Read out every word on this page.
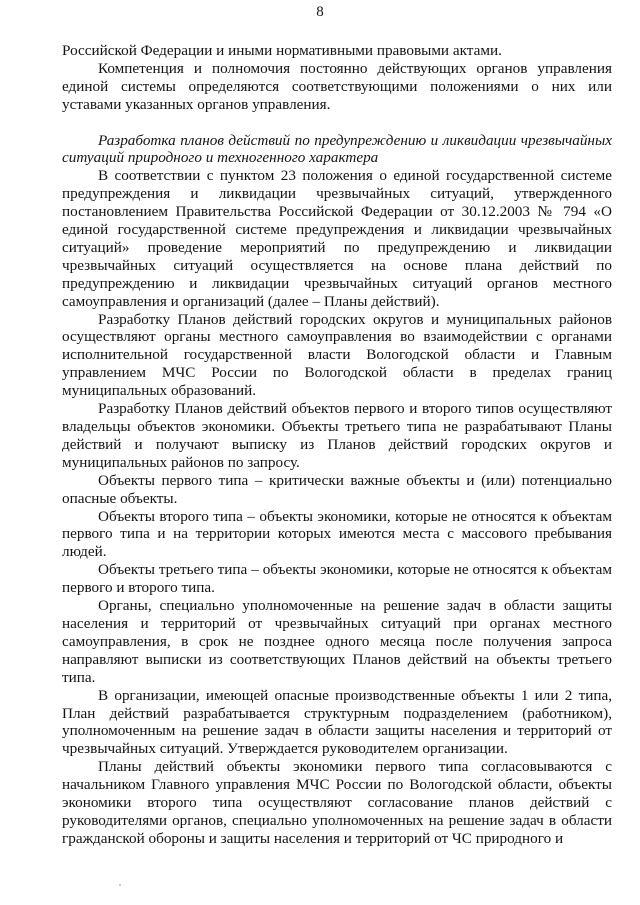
8

Российской Федерации и иными нормативными правовыми актами.

Компетенция и полномочия постоянно действующих органов управления единой системы определяются соответствующими положениями о них или уставами указанных органов управления.

Разработка планов действий по предупреждению и ликвидации чрезвычайных ситуаций природного и техногенного характера

В соответствии с пунктом 23 положения о единой государственной системе предупреждения и ликвидации чрезвычайных ситуаций, утвержденного постановлением Правительства Российской Федерации от 30.12.2003 № 794 «О единой государственной системе предупреждения и ликвидации чрезвычайных ситуаций» проведение мероприятий по предупреждению и ликвидации чрезвычайных ситуаций осуществляется на основе плана действий по предупреждению и ликвидации чрезвычайных ситуаций органов местного самоуправления и организаций (далее – Планы действий).

Разработку Планов действий городских округов и муниципальных районов осуществляют органы местного самоуправления во взаимодействии с органами исполнительной государственной власти Вологодской области и Главным управлением МЧС России по Вологодской области в пределах границ муниципальных образований.

Разработку Планов действий объектов первого и второго типов осуществляют владельцы объектов экономики. Объекты третьего типа не разрабатывают Планы действий и получают выписку из Планов действий городских округов и муниципальных районов по запросу.

Объекты первого типа – критически важные объекты и (или) потенциально опасные объекты.

Объекты второго типа – объекты экономики, которые не относятся к объектам первого типа и на территории которых имеются места с массового пребывания людей.

Объекты третьего типа – объекты экономики, которые не относятся к объектам первого и второго типа.

Органы, специально уполномоченные на решение задач в области защиты населения и территорий от чрезвычайных ситуаций при органах местного самоуправления, в срок не позднее одного месяца после получения запроса направляют выписки из соответствующих Планов действий на объекты третьего типа.

В организации, имеющей опасные производственные объекты 1 или 2 типа, План действий разрабатывается структурным подразделением (работником), уполномоченным на решение задач в области защиты населения и территорий от чрезвычайных ситуаций. Утверждается руководителем организации.

Планы действий объекты экономики первого типа согласовываются с начальником Главного управления МЧС России по Вологодской области, объекты экономики второго типа осуществляют согласование планов действий с руководителями органов, специально уполномоченных на решение задач в области гражданской обороны и защиты населения и территорий от ЧС природного и
